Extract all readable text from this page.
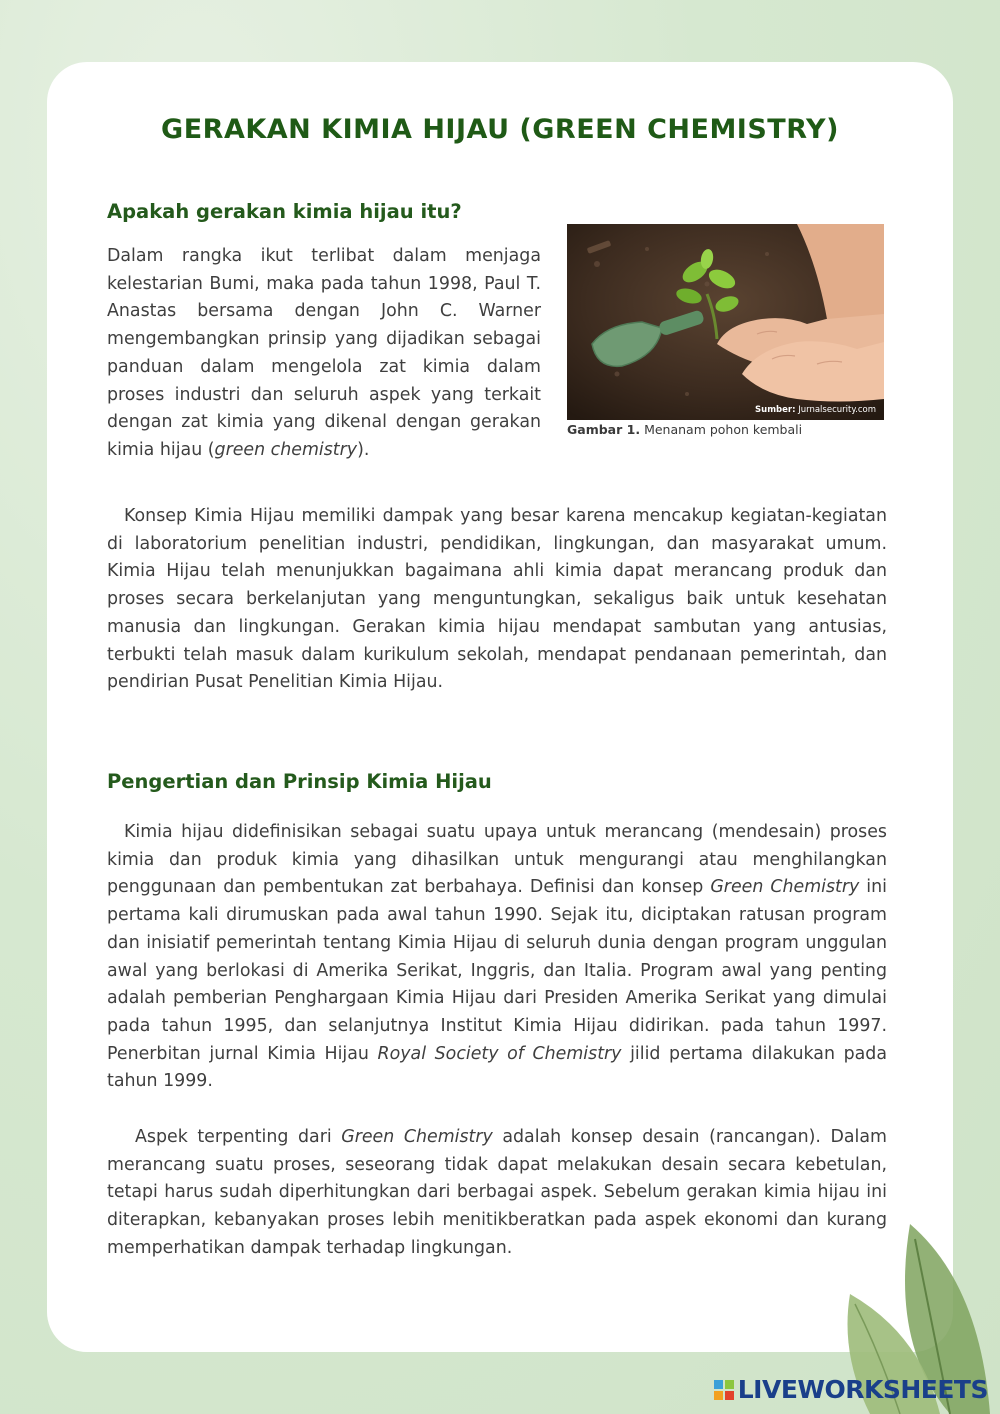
GERAKAN KIMIA HIJAU (GREEN CHEMISTRY)
Apakah gerakan kimia hijau itu?

Dalam rangka ikut terlibat dalam menjaga kelestarian Bumi, maka pada tahun 1998, Paul T. Anastas bersama dengan John C. Warner mengembangkan prinsip yang dijadikan sebagai panduan dalam mengelola zat kimia dalam proses industri dan seluruh aspek yang terkait dengan zat kimia yang dikenal dengan gerakan kimia hijau (green chemistry).

Sumber: Jurnalsecurity.com
Gambar 1. Menanam pohon kembali

Konsep Kimia Hijau memiliki dampak yang besar karena mencakup kegiatan-kegiatan di laboratorium penelitian industri, pendidikan, lingkungan, dan masyarakat umum. Kimia Hijau telah menunjukkan bagaimana ahli kimia dapat merancang produk dan proses secara berkelanjutan yang menguntungkan, sekaligus baik untuk kesehatan manusia dan lingkungan. Gerakan kimia hijau mendapat sambutan yang antusias, terbukti telah masuk dalam kurikulum sekolah, mendapat pendanaan pemerintah, dan pendirian Pusat Penelitian Kimia Hijau.

Pengertian dan Prinsip Kimia Hijau

Kimia hijau didefinisikan sebagai suatu upaya untuk merancang (mendesain) proses kimia dan produk kimia yang dihasilkan untuk mengurangi atau menghilangkan penggunaan dan pembentukan zat berbahaya. Definisi dan konsep Green Chemistry ini pertama kali dirumuskan pada awal tahun 1990. Sejak itu, diciptakan ratusan program dan inisiatif pemerintah tentang Kimia Hijau di seluruh dunia dengan program unggulan awal yang berlokasi di Amerika Serikat, Inggris, dan Italia. Program awal yang penting adalah pemberian Penghargaan Kimia Hijau dari Presiden Amerika Serikat yang dimulai pada tahun 1995, dan selanjutnya Institut Kimia Hijau didirikan. pada tahun 1997. Penerbitan jurnal Kimia Hijau Royal Society of Chemistry jilid pertama dilakukan pada tahun 1999.

Aspek terpenting dari Green Chemistry adalah konsep desain (rancangan). Dalam merancang suatu proses, seseorang tidak dapat melakukan desain secara kebetulan, tetapi harus sudah diperhitungkan dari berbagai aspek. Sebelum gerakan kimia hijau ini diterapkan, kebanyakan proses lebih menitikberatkan pada aspek ekonomi dan kurang memperhatikan dampak terhadap lingkungan.

LIVEWORKSHEETS
